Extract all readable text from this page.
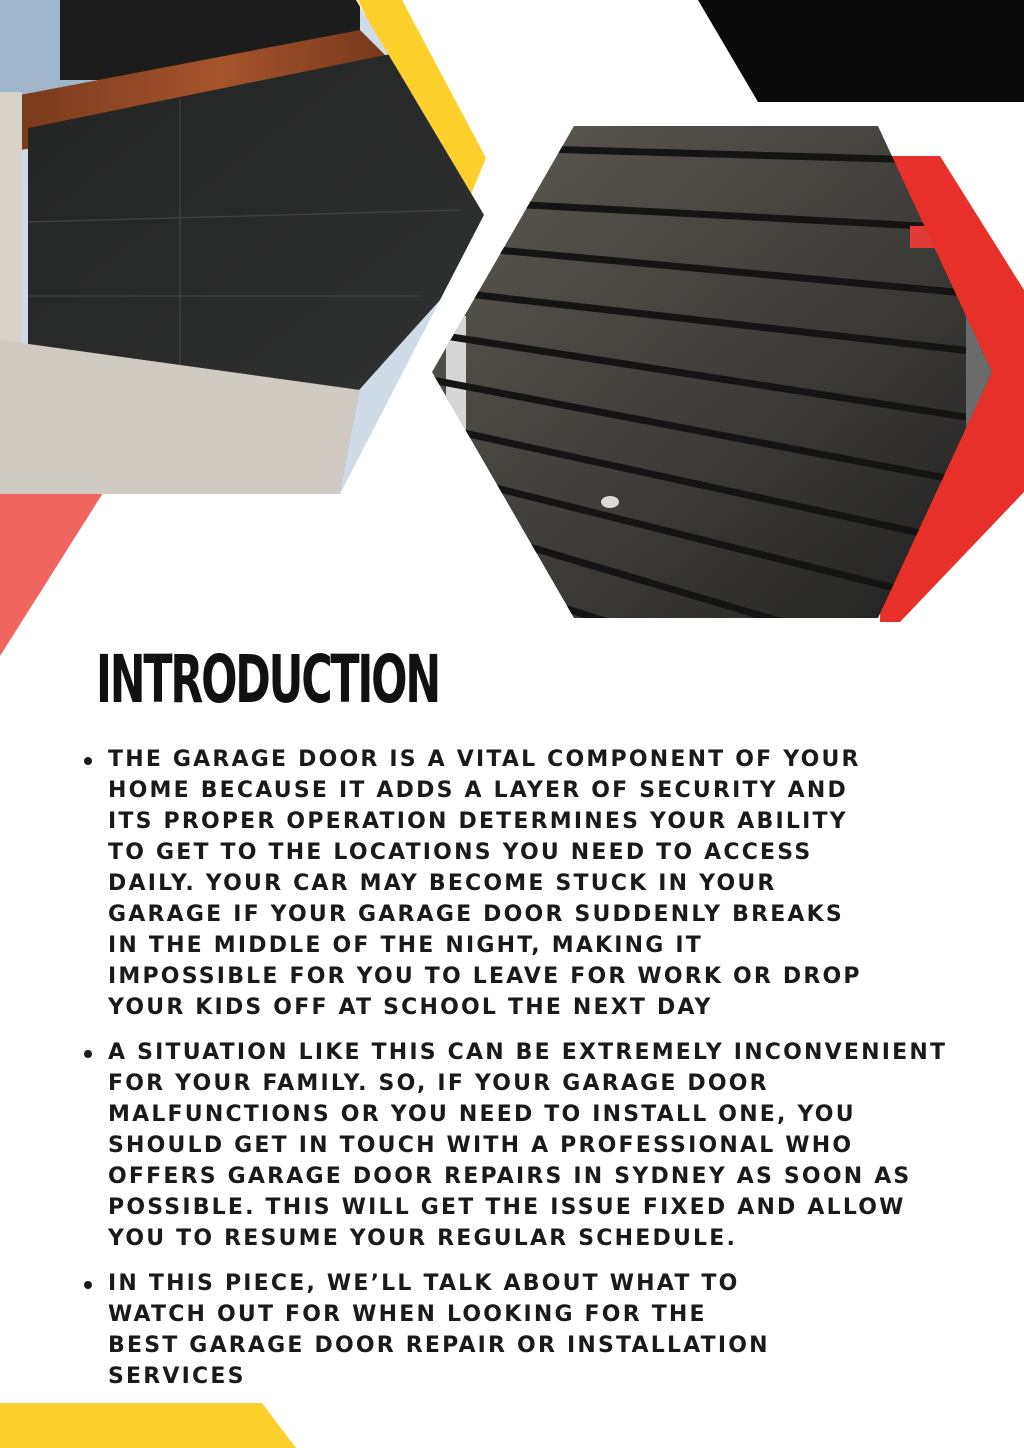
INTRODUCTION
THE GARAGE DOOR IS A VITAL COMPONENT OF YOUR HOME BECAUSE IT ADDS A LAYER OF SECURITY AND ITS PROPER OPERATION DETERMINES YOUR ABILITY TO GET TO THE LOCATIONS YOU NEED TO ACCESS DAILY. YOUR CAR MAY BECOME STUCK IN YOUR GARAGE IF YOUR GARAGE DOOR SUDDENLY BREAKS IN THE MIDDLE OF THE NIGHT, MAKING IT IMPOSSIBLE FOR YOU TO LEAVE FOR WORK OR DROP YOUR KIDS OFF AT SCHOOL THE NEXT DAY
A SITUATION LIKE THIS CAN BE EXTREMELY INCONVENIENT FOR YOUR FAMILY. SO, IF YOUR GARAGE DOOR MALFUNCTIONS OR YOU NEED TO INSTALL ONE, YOU SHOULD GET IN TOUCH WITH A PROFESSIONAL WHO OFFERS GARAGE DOOR REPAIRS IN SYDNEY AS SOON AS POSSIBLE. THIS WILL GET THE ISSUE FIXED AND ALLOW YOU TO RESUME YOUR REGULAR SCHEDULE.
IN THIS PIECE, WE’LL TALK ABOUT WHAT TO WATCH OUT FOR WHEN LOOKING FOR THE BEST GARAGE DOOR REPAIR OR INSTALLATION SERVICES
